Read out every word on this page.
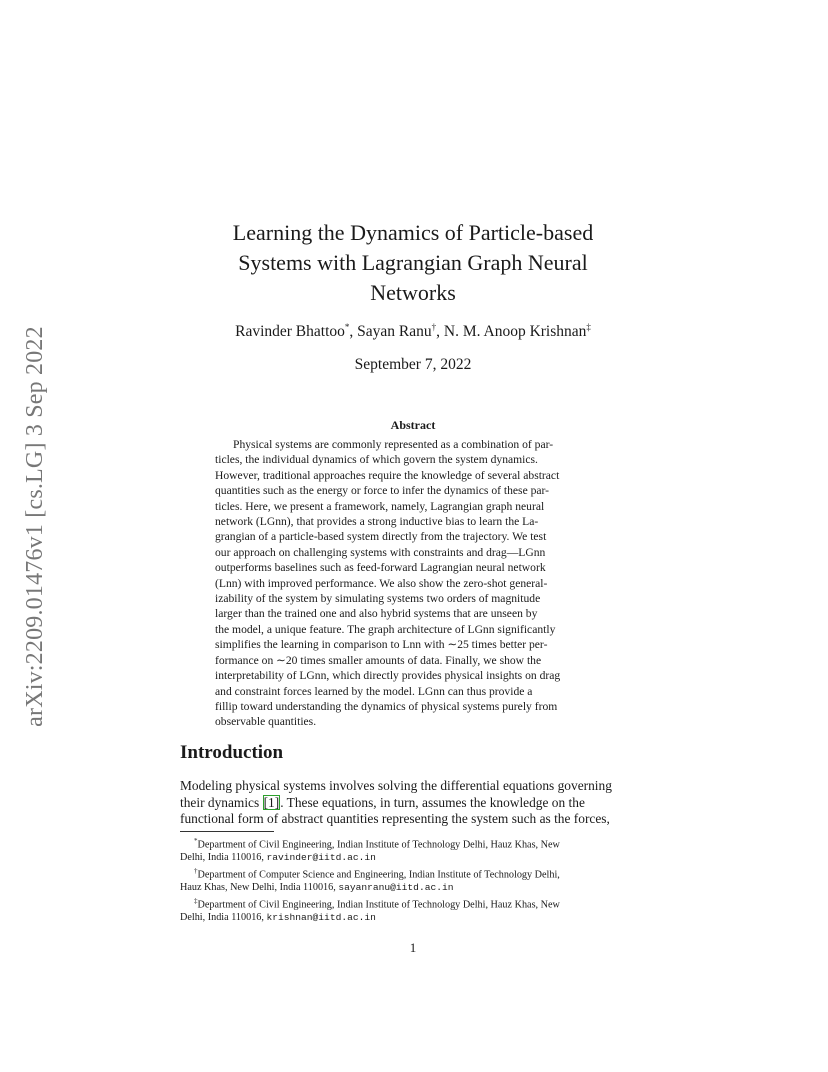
arXiv:2209.01476v1 [cs.LG] 3 Sep 2022
Learning the Dynamics of Particle-based
Systems with Lagrangian Graph Neural
Networks
Ravinder Bhattoo*, Sayan Ranu†, N. M. Anoop Krishnan‡
September 7, 2022
Abstract
Physical systems are commonly represented as a combination of par-
ticles, the individual dynamics of which govern the system dynamics.
However, traditional approaches require the knowledge of several abstract
quantities such as the energy or force to infer the dynamics of these par-
ticles. Here, we present a framework, namely, Lagrangian graph neural
network (LGnn), that provides a strong inductive bias to learn the La-
grangian of a particle-based system directly from the trajectory. We test
our approach on challenging systems with constraints and drag—LGnn
outperforms baselines such as feed-forward Lagrangian neural network
(Lnn) with improved performance. We also show the zero-shot general-
izability of the system by simulating systems two orders of magnitude
larger than the trained one and also hybrid systems that are unseen by
the model, a unique feature. The graph architecture of LGnn significantly
simplifies the learning in comparison to Lnn with ∼25 times better per-
formance on ∼20 times smaller amounts of data. Finally, we show the
interpretability of LGnn, which directly provides physical insights on drag
and constraint forces learned by the model. LGnn can thus provide a
fillip toward understanding the dynamics of physical systems purely from
observable quantities.
Introduction
Modeling physical systems involves solving the differential equations governing
their dynamics [1]. These equations, in turn, assumes the knowledge on the
functional form of abstract quantities representing the system such as the forces,
*Department of Civil Engineering, Indian Institute of Technology Delhi, Hauz Khas, New
Delhi, India 110016, ravinder@iitd.ac.in
†Department of Computer Science and Engineering, Indian Institute of Technology Delhi,
Hauz Khas, New Delhi, India 110016, sayanranu@iitd.ac.in
‡Department of Civil Engineering, Indian Institute of Technology Delhi, Hauz Khas, New
Delhi, India 110016, krishnan@iitd.ac.in
1
